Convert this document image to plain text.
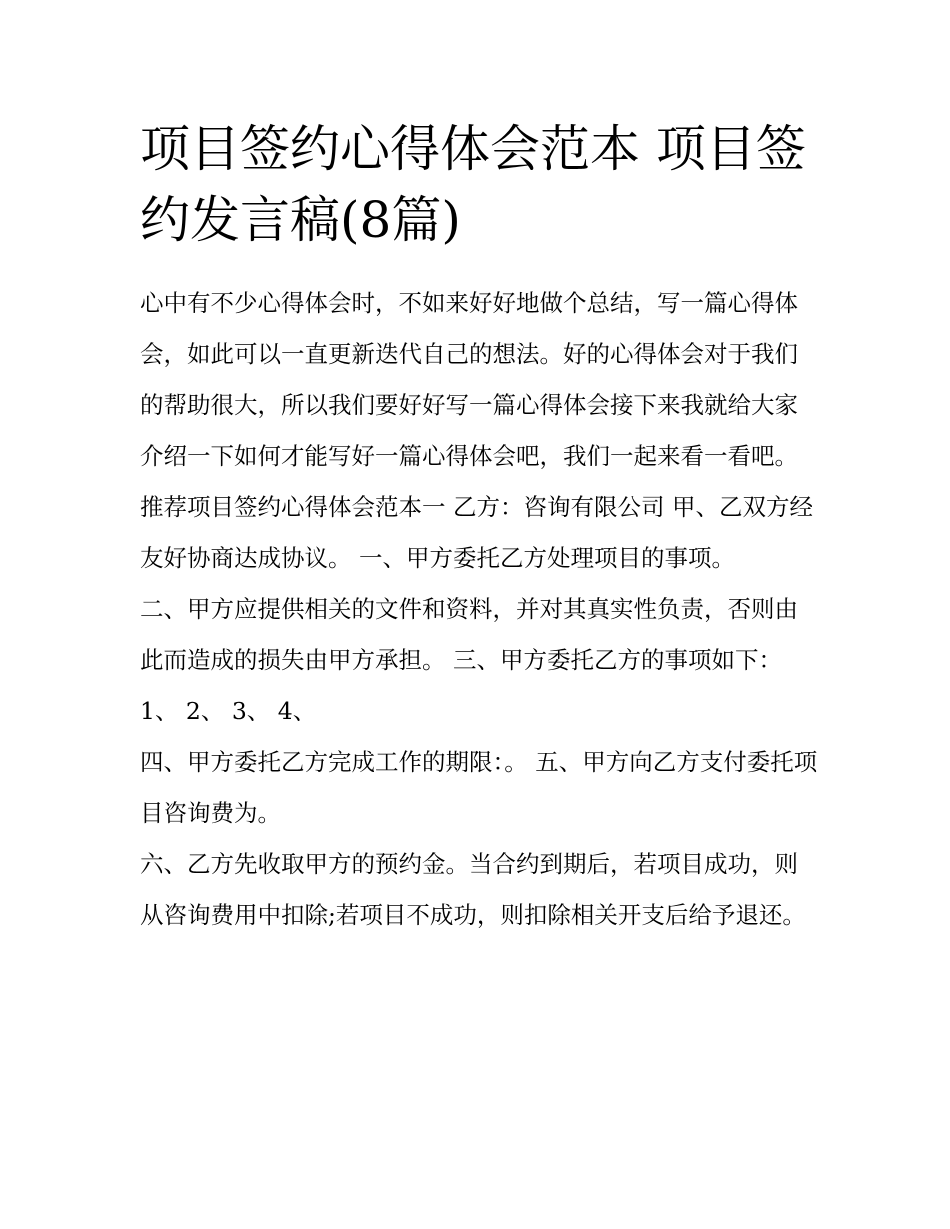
项目签约心得体会范本 项目签约发言稿(8篇)

心中有不少心得体会时，不如来好好地做个总结，写一篇心得体会，如此可以一直更新迭代自己的想法。好的心得体会对于我们的帮助很大，所以我们要好好写一篇心得体会接下来我就给大家介绍一下如何才能写好一篇心得体会吧，我们一起来看一看吧。

推荐项目签约心得体会范本一 乙方：咨询有限公司 甲、乙双方经友好协商达成协议。 一、甲方委托乙方处理项目的事项。

二、甲方应提供相关的文件和资料，并对其真实性负责，否则由此而造成的损失由甲方承担。 三、甲方委托乙方的事项如下： 1、 2、 3、 4、

四、甲方委托乙方完成工作的期限：。 五、甲方向乙方支付委托项目咨询费为。

六、乙方先收取甲方的预约金。当合约到期后，若项目成功，则从咨询费用中扣除;若项目不成功，则扣除相关开支后给予退还。
